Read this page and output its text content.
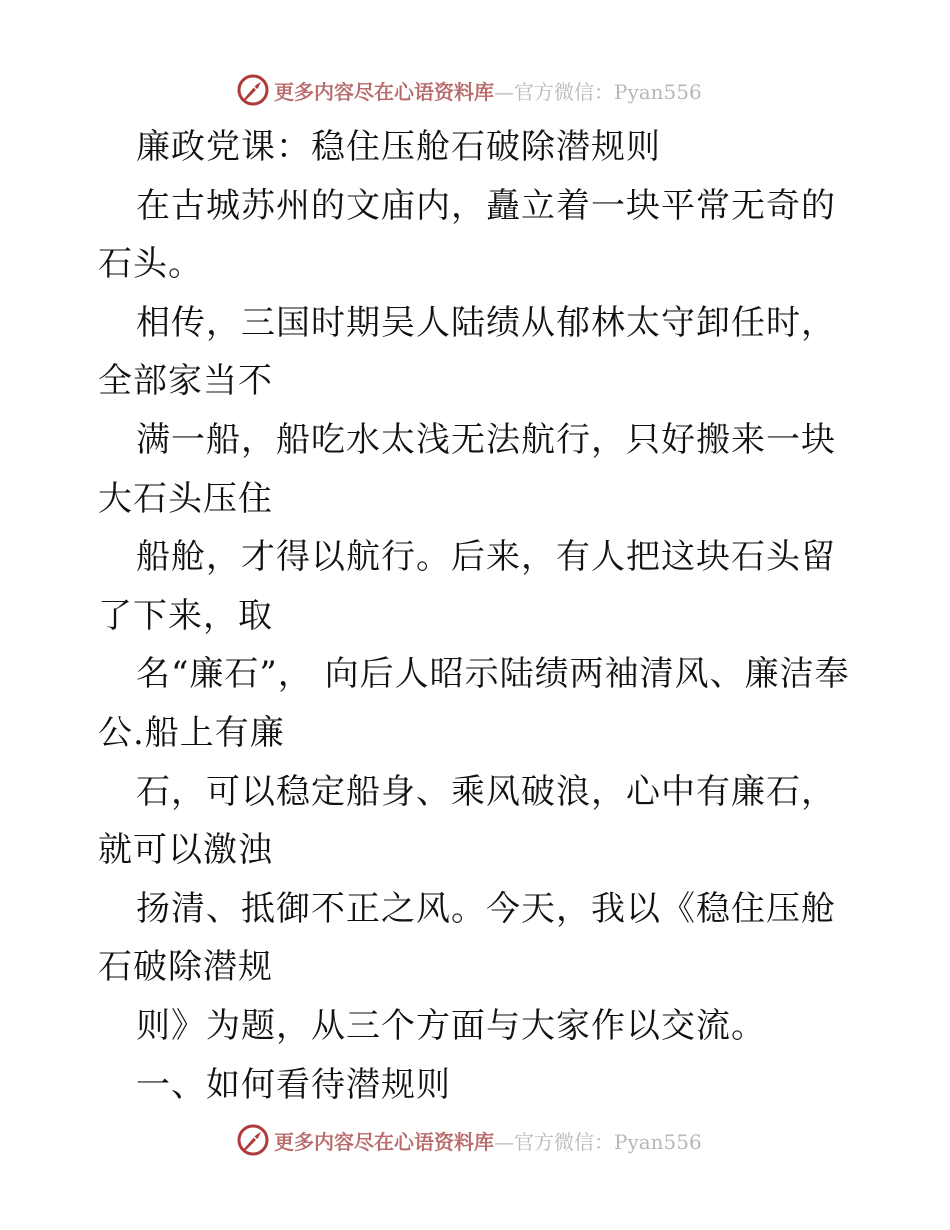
更多内容尽在心语资料库 —官方微信：Pyan556

廉政党课：稳住压舱石破除潜规则

在古城苏州的文庙内，矗立着一块平常无奇的石头。

相传，三国时期吴人陆绩从郁林太守卸任时，全部家当不

满一船，船吃水太浅无法航行，只好搬来一块大石头压住

船舱，才得以航行。后来，有人把这块石头留了下来，取

名“廉石”， 向后人昭示陆绩两袖清风、廉洁奉公.船上有廉

石，可以稳定船身、乘风破浪，心中有廉石，就可以激浊

扬清、抵御不正之风。今天，我以《稳住压舱石破除潜规

则》为题，从三个方面与大家作以交流。

一、如何看待潜规则

更多内容尽在心语资料库 —官方微信：Pyan556
